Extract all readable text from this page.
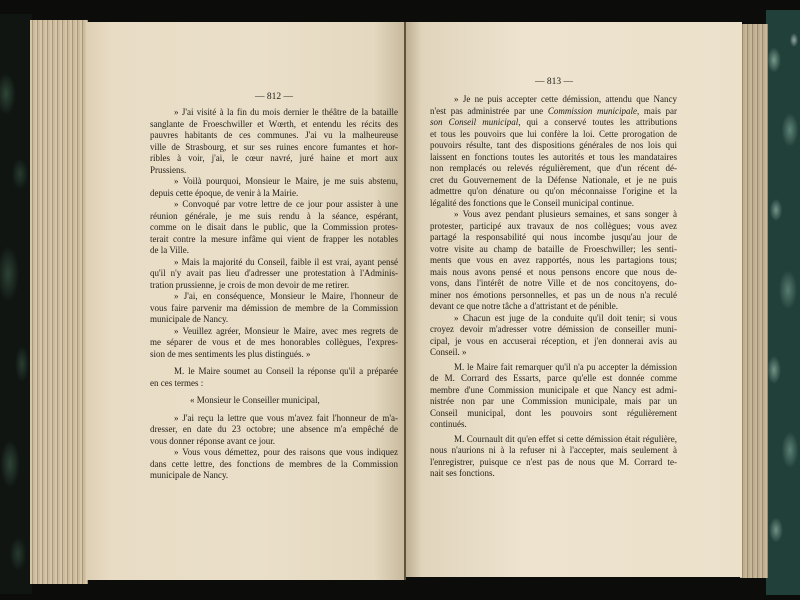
— 812 —
— 813 —
» J'ai visité à la fin du mois dernier le théâtre de la bataille
sanglante de Froeschwiller et Wœrth, et entendu les récits des
pauvres habitants de ces communes. J'ai vu la malheureuse
ville de Strasbourg, et sur ses ruines encore fumantes et hor-
ribles à voir, j'ai, le cœur navré, juré haine et mort aux
Prussiens.
» Voilà pourquoi, Monsieur le Maire, je me suis abstenu,
depuis cette époque, de venir à la Mairie.
» Convoqué par votre lettre de ce jour pour assister à une
réunion générale, je me suis rendu à la séance, espérant,
comme on le disait dans le public, que la Commission protes-
terait contre la mesure infâme qui vient de frapper les notables
de la Ville.
» Mais la majorité du Conseil, faible il est vrai, ayant pensé
qu'il n'y avait pas lieu d'adresser une protestation à l'Adminis-
tration prussienne, je crois de mon devoir de me retirer.
» J'ai, en conséquence, Monsieur le Maire, l'honneur de
vous faire parvenir ma démission de membre de la Commission
municipale de Nancy.
» Veuillez agréer, Monsieur le Maire, avec mes regrets de
me séparer de vous et de mes honorables collègues, l'expres-
sion de mes sentiments les plus distingués. »
M. le Maire soumet au Conseil la réponse qu'il a préparée
en ces termes :
« Monsieur le Conseiller municipal,
» J'ai reçu la lettre que vous m'avez fait l'honneur de m'a-
dresser, en date du 23 octobre; une absence m'a empêché de
vous donner réponse avant ce jour.
» Vous vous démettez, pour des raisons que vous indiquez
dans cette lettre, des fonctions de membres de la Commission
municipale de Nancy.
» Je ne puis accepter cette démission, attendu que Nancy
n'est pas administrée par une Commission municipale, mais par
son Conseil municipal, qui a conservé toutes les attributions
et tous les pouvoirs que lui confère la loi. Cette prorogation de
pouvoirs résulte, tant des dispositions générales de nos lois qui
laissent en fonctions toutes les autorités et tous les mandataires
non remplacés ou relevés régulièrement, que d'un récent dé-
cret du Gouvernement de la Défense Nationale, et je ne puis
admettre qu'on dénature ou qu'on méconnaisse l'origine et la
légalité des fonctions que le Conseil municipal continue.
» Vous avez pendant plusieurs semaines, et sans songer à
protester, participé aux travaux de nos collègues; vous avez
partagé la responsabilité qui nous incombe jusqu'au jour de
votre visite au champ de bataille de Froeschwiller; les senti-
ments que vous en avez rapportés, nous les partagions tous;
mais nous avons pensé et nous pensons encore que nous de-
vons, dans l'intérêt de notre Ville et de nos concitoyens, do-
miner nos émotions personnelles, et pas un de nous n'a reculé
devant ce que notre tâche a d'attristant et de pénible.
» Chacun est juge de la conduite qu'il doit tenir; si vous
croyez devoir m'adresser votre démission de conseiller muni-
cipal, je vous en accuserai réception, et j'en donnerai avis au
Conseil. »
M. le Maire fait remarquer qu'il n'a pu accepter la démission
de M. Corrard des Essarts, parce qu'elle est donnée comme
membre d'une Commission municipale et que Nancy est admi-
nistrée non par une Commission municipale, mais par un
Conseil municipal, dont les pouvoirs sont régulièrement
continués.
M. Cournault dit qu'en effet si cette démission était régulière,
nous n'aurions ni à la refuser ni à l'accepter, mais seulement à
l'enregistrer, puisque ce n'est pas de nous que M. Corrard te-
nait ses fonctions.
